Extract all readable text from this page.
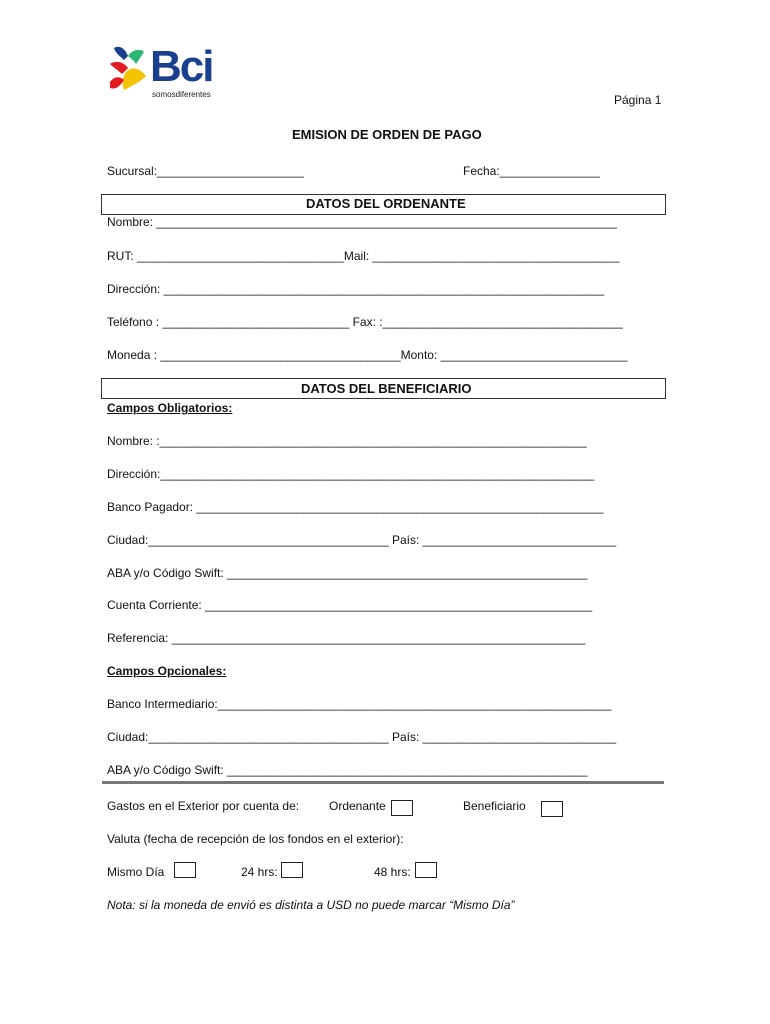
Bci
somosdiferentes	Página 1
EMISION DE ORDEN DE PAGO
Sucursal:______________________	Fecha:_______________
DATOS DEL ORDENANTE
Nombre: _____________________________________________________________________
RUT: _______________________________Mail: _____________________________________
Dirección: __________________________________________________________________
Teléfono : ____________________________ Fax: :____________________________________
Moneda : ____________________________________Monto: ____________________________
DATOS DEL BENEFICIARIO
Campos Obligatorios:
Nombre: :________________________________________________________________
Dirección:_________________________________________________________________
Banco Pagador: _____________________________________________________________
Ciudad:____________________________________ País: _____________________________
ABA y/o Código Swift: ______________________________________________________
Cuenta Corriente: __________________________________________________________
Referencia: ______________________________________________________________
Campos Opcionales:
Banco Intermediario:___________________________________________________________
Ciudad:____________________________________ País: _____________________________
ABA y/o Código Swift: ______________________________________________________
Gastos en el Exterior por cuenta de: Ordenante	Beneficiario
Valuta (fecha de recepción de los fondos en el exterior):
Mismo Día	24 hrs:	48 hrs:
Nota: si la moneda de envió es distinta a USD no puede marcar “Mismo Día”
